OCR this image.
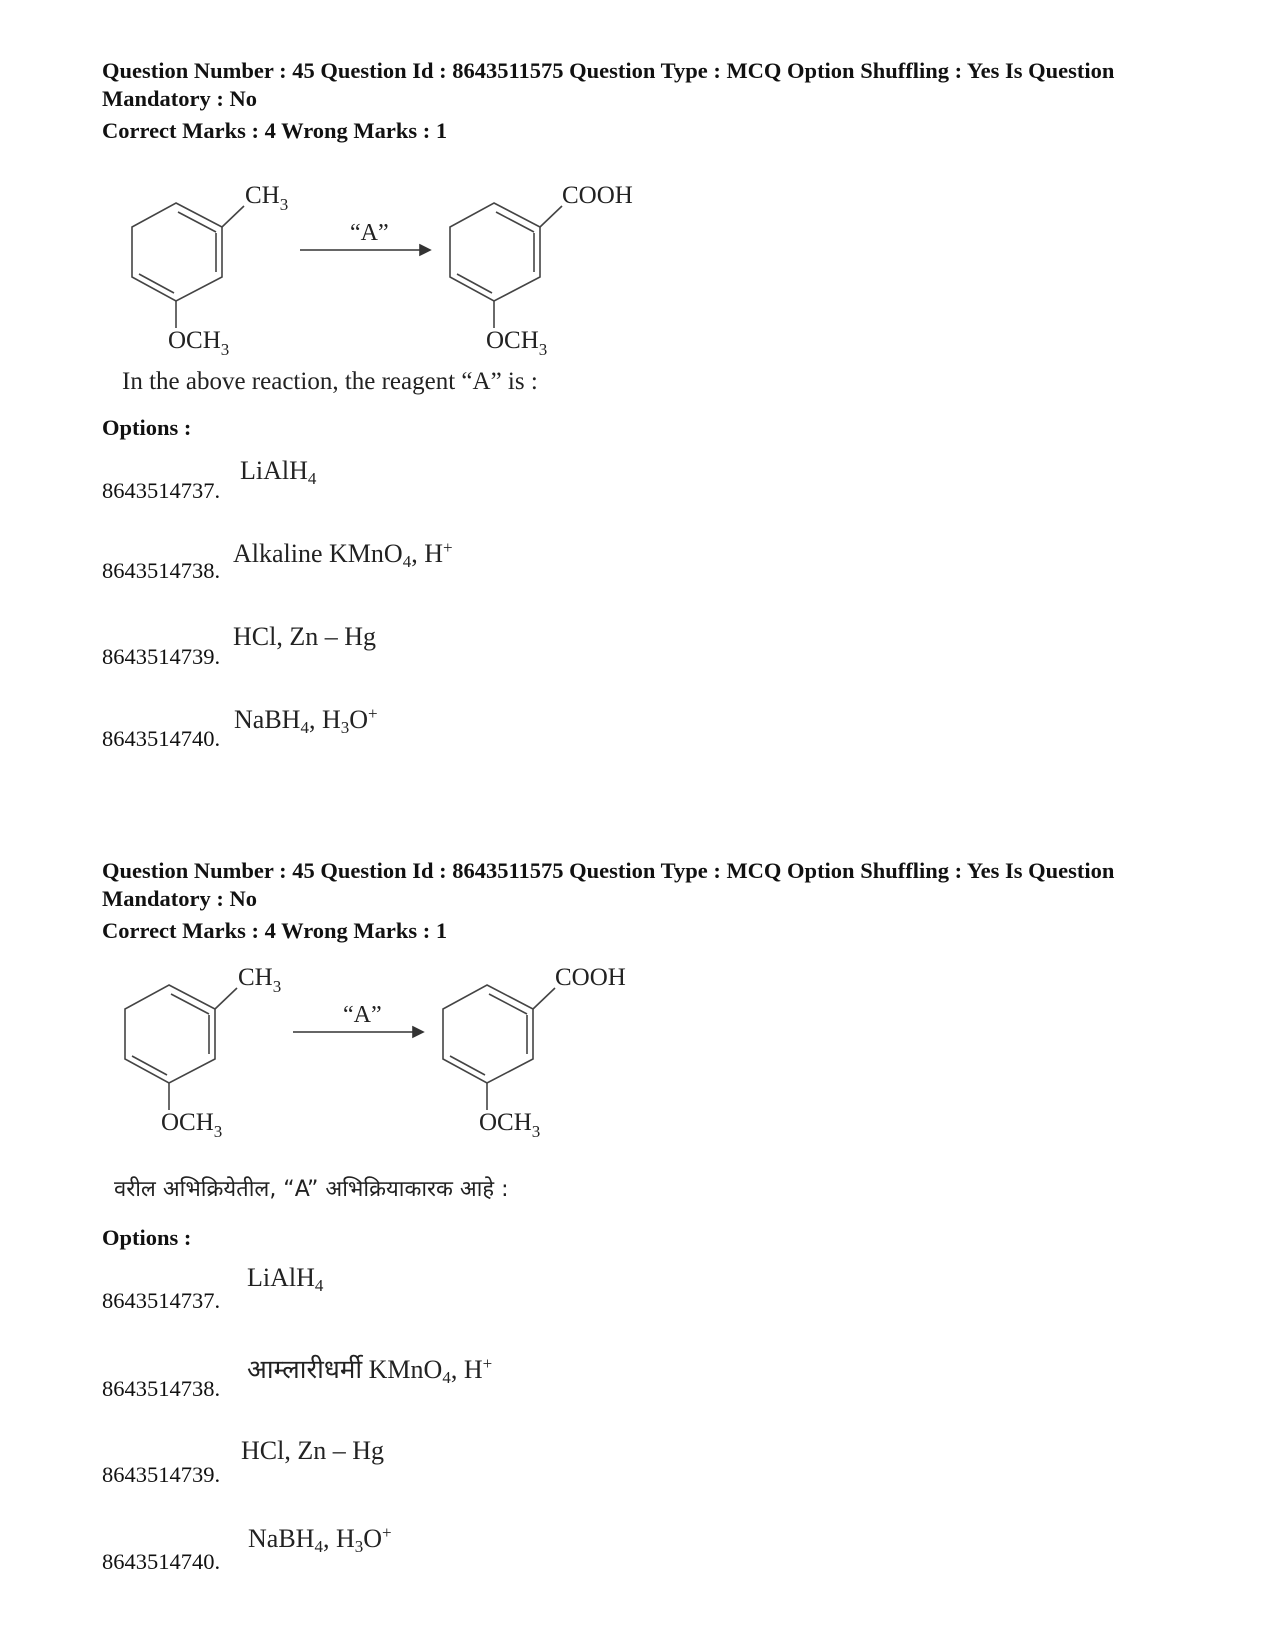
Question Number : 45 Question Id : 8643511575 Question Type : MCQ Option Shuffling : Yes Is Question Mandatory : No
Correct Marks : 4 Wrong Marks : 1
$CH_3$
$OCH_3$
“A”
COOH
$OCH_3$
In the above reaction, the reagent “A” is :
Options :
8643514737.
LiAlH$_4$
8643514738.
Alkaline KMnO$_4$, H+
8643514739.
HCl, Zn – Hg
8643514740.
NaBH$_4$, $H_3O^+$
Question Number : 45 Question Id : 8643511575 Question Type : MCQ Option Shuffling : Yes Is Question Mandatory : No
Correct Marks : 4 Wrong Marks : 1
$CH_3$
$OCH_3$
“A”
COOH
$OCH_3$
वरील अभिक्रियेतील, “A” अभिक्रियाकारक आहे :
Options :
8643514737.
LiAlH$_4$
8643514738.
आम्लारीधर्मी KMnO$_4$, H+
8643514739.
HCl, Zn – Hg
8643514740.
NaBH$_4$, $H_3O^+$
